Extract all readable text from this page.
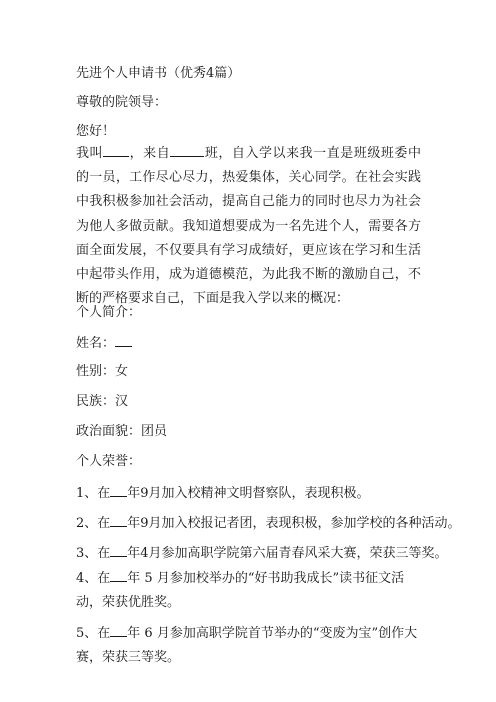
先进个人申请书（优秀4篇）
尊敬的院领导：
您好！
我叫 ，来自	班，自入学以来我一直是班级班委中的一员，工作尽心尽力，热爱集体，关心同学。在社会实践中我积极参加社会活动，提高自己能力的同时也尽力为社会为他人多做贡献。我知道想要成为一名先进个人，需要各方面全面发展，不仅要具有学习成绩好，更应该在学习和生活中起带头作用，成为道德模范，为此我不断的激励自己，不断的严格要求自己，下面是我入学以来的概况：
个人简介：
姓名：
性别：女
民族：汉
政治面貌：团员
个人荣誉：
1、在 年9月加入校精神文明督察队，表现积极。
2、在 年9月加入校报记者团，表现积极，参加学校的各种活动。
3、在 年4月参加高职学院第六届青春风采大赛，荣获三等奖。
4、在 年 5 月参加校举办的“好书助我成长”读书征文活动，荣获优胜奖。
5、在 年 6 月参加高职学院首节举办的“变废为宝”创作大赛，荣获三等奖。
